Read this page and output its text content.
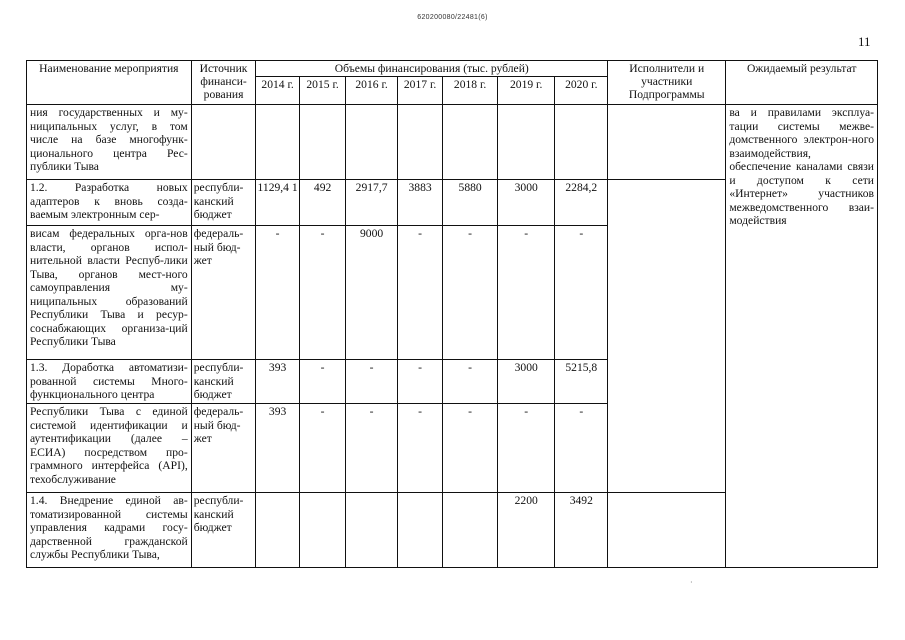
620200080/22481(6)
11
Наименование мероприятия	Источник финанси-рования	Объемы финансирования (тыс. рублей)							Исполнители и участники Подпрограммы	Ожидаемый результат
		2014 г.	2015 г.	2016 г.	2017 г.	2018 г.	2019 г.	2020 г.		
ния государственных и му-ниципальных услуг, в том числе на базе многофунк-ционального центра Рес-публики Тыва										ва и правилами эксплуа-тации системы межве-домственного электрон-ного взаимодействия, обеспечение каналами связи и доступом к сети «Интернет» участников межведомственного взаи-модействия
1.2. Разработка новых адаптеров к вновь созда-ваемым электронным сер-	республи-канский бюджет	1129,4 1	492	2917,7	3883	5880	3000	2284,2		
висам федеральных орга-нов власти, органов испол-нительной власти Респуб-лики Тыва, органов мест-ного самоуправления му-ниципальных образований Республики Тыва и ресур-соснабжающих организа-ций Республики Тыва	федераль-ный бюд-жет	-	-	9000	-	-	-	-		
1.3. Доработка автоматизи-рованной системы Много-функционального центра	республи-канский бюджет	393	-	-	-	-	3000	5215,8		
Республики Тыва с единой системой идентификации и аутентификации (далее – ЕСИА) посредством про-граммного интерфейса (API), техобслуживание	федераль-ный бюд-жет	393	-	-	-	-	-	-		
1.4. Внедрение единой ав-томатизированной системы управления кадрами госу-дарственной гражданской службы Республики Тыва,	республи-канский бюджет						2200	3492		
·
